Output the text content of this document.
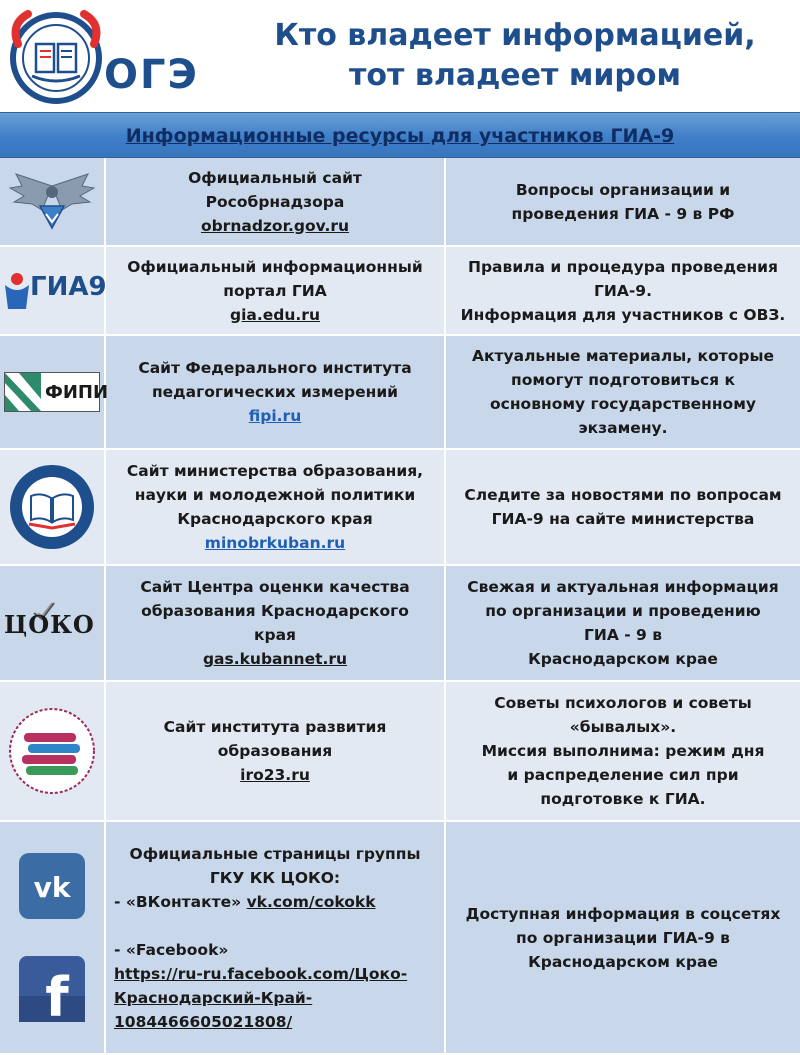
ОГЭ
Кто владеет информацией,
тот владеет миром
Информационные ресурсы для участников ГИА-9
Официальный сайт
Рособрнадзора
obrnadzor.gov.ru
Вопросы организации и
проведения ГИА - 9 в РФ
ГИА9
Официальный информационный
портал ГИА
gia.edu.ru
Правила и процедура проведения
ГИА-9.
Информация для участников с ОВЗ.
ФИПИ
Сайт Федерального института
педагогических измерений
fipi.ru
Актуальные материалы, которые
помогут подготовиться к
основному государственному
экзамену.
Сайт министерства образования,
науки и молодежной политики
Краснодарского края
minobrkuban.ru
Следите за новостями по вопросам
ГИА-9 на сайте министерства
ЦОКО
Сайт Центра оценки качества
образования Краснодарского
края
gas.kubannet.ru
Свежая и актуальная информация
по организации и проведению
ГИА - 9 в
Краснодарском крае
Сайт института развития
образования
iro23.ru
Советы психологов и советы
«бывалых».
Миссия выполнима: режим дня
и распределение сил при
подготовке к ГИА.
vk
f
Официальные страницы группы
ГКУ КК ЦОКО:
- «ВКонтакте» vk.com/cokokk
- «Facebook»
https://ru-ru.facebook.com/Цоко-
Краснодарский-Край-
1084466605021808/
Доступная информация в соцсетях
по организации ГИА-9 в
Краснодарском крае
